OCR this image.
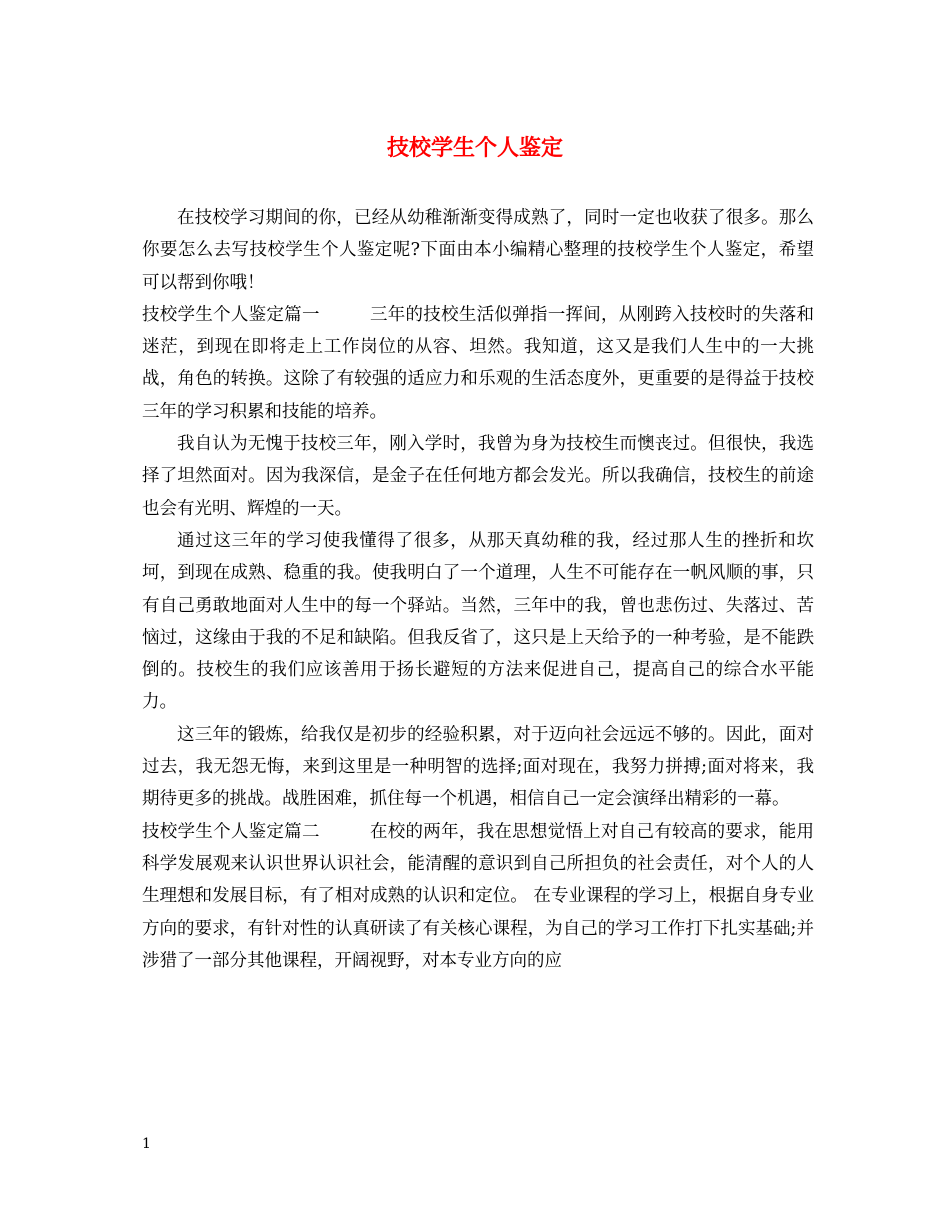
技校学生个人鉴定

在技校学习期间的你，已经从幼稚渐渐变得成熟了，同时一定也收获了很多。那么你要怎么去写技校学生个人鉴定呢?下面由本小编精心整理的技校学生个人鉴定，希望可以帮到你哦！

技校学生个人鉴定篇一	三年的技校生活似弹指一挥间，从刚跨入技校时的失落和迷茫，到现在即将走上工作岗位的从容、坦然。我知道，这又是我们人生中的一大挑战，角色的转换。这除了有较强的适应力和乐观的生活态度外，更重要的是得益于技校三年的学习积累和技能的培养。

我自认为无愧于技校三年，刚入学时，我曾为身为技校生而懊丧过。但很快，我选择了坦然面对。因为我深信，是金子在任何地方都会发光。所以我确信，技校生的前途也会有光明、辉煌的一天。

通过这三年的学习使我懂得了很多，从那天真幼稚的我，经过那人生的挫折和坎坷，到现在成熟、稳重的我。使我明白了一个道理，人生不可能存在一帆风顺的事，只有自己勇敢地面对人生中的每一个驿站。当然，三年中的我，曾也悲伤过、失落过、苦恼过，这缘由于我的不足和缺陷。但我反省了，这只是上天给予的一种考验，是不能跌倒的。技校生的我们应该善用于扬长避短的方法来促进自己，提高自己的综合水平能力。

这三年的锻炼，给我仅是初步的经验积累，对于迈向社会远远不够的。因此，面对过去，我无怨无悔，来到这里是一种明智的选择;面对现在，我努力拼搏;面对将来，我期待更多的挑战。战胜困难，抓住每一个机遇，相信自己一定会演绎出精彩的一幕。

技校学生个人鉴定篇二	在校的两年，我在思想觉悟上对自己有较高的要求，能用科学发展观来认识世界认识社会，能清醒的意识到自己所担负的社会责任，对个人的人生理想和发展目标，有了相对成熟的认识和定位。 在专业课程的学习上，根据自身专业方向的要求，有针对性的认真研读了有关核心课程，为自己的学习工作打下扎实基础;并涉猎了一部分其他课程，开阔视野，对本专业方向的应

1
